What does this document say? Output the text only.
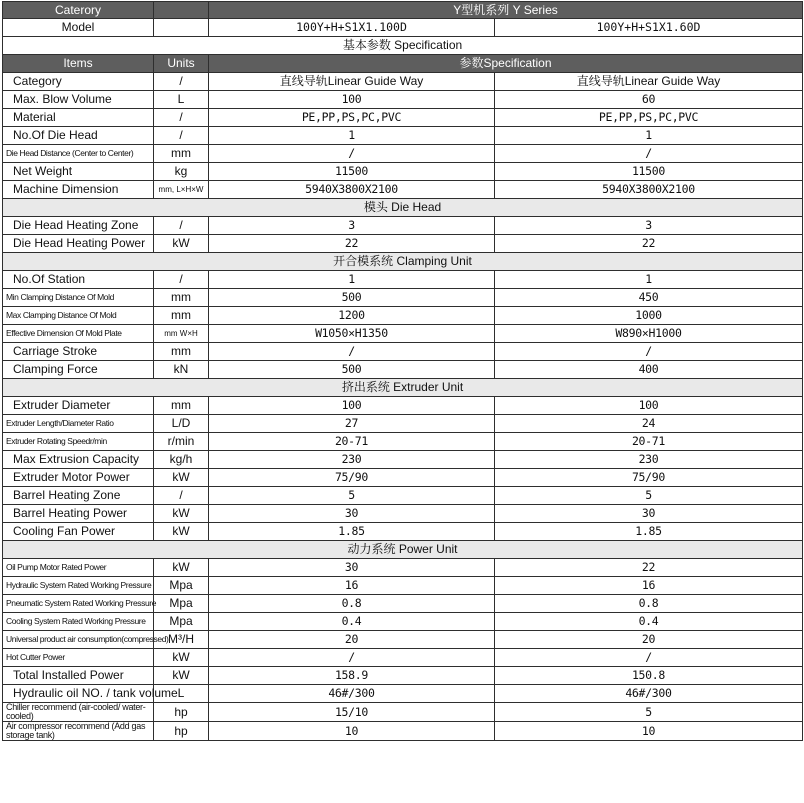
Caterory		Y型机系列 Y Series	
Model		100Y+H+S1X1.100D	100Y+H+S1X1.60D
基本参数 Specification			
Items	Units	参数Specification	
Category	/	直线导轨Linear Guide Way	直线导轨Linear Guide Way
Max. Blow Volume	L	100	60
Material	/	PE,PP,PS,PC,PVC	PE,PP,PS,PC,PVC
No.Of Die Head	/	1	1
Die Head Distance (Center to Center)	mm	/	/
Net Weight	kg	11500	11500
Machine Dimension	mm, L×H×W	5940X3800X2100	5940X3800X2100
模头 Die Head			
Die Head Heating Zone	/	3	3
Die Head Heating Power	kW	22	22
开合模系统 Clamping Unit			
No.Of Station	/	1	1
Min Clamping Distance Of Mold	mm	500	450
Max Clamping Distance Of Mold	mm	1200	1000
Effective Dimension Of Mold Plate	mm W×H	W1050×H1350	W890×H1000
Carriage Stroke	mm	/	/
Clamping Force	kN	500	400
挤出系统 Extruder Unit			
Extruder Diameter	mm	100	100
Extruder Length/Diameter Ratio	L/D	27	24
Extruder Rotating Speedr/min	r/min	20-71	20-71
Max Extrusion Capacity	kg/h	230	230
Extruder Motor Power	kW	75/90	75/90
Barrel Heating Zone	/	5	5
Barrel Heating Power	kW	30	30
Cooling Fan Power	kW	1.85	1.85
动力系统 Power Unit			
Oil Pump Motor Rated Power	kW	30	22
Hydraulic System Rated Working Pressure	Mpa	16	16
Pneumatic System Rated Working Pressure	Mpa	0.8	0.8
Cooling System Rated Working Pressure	Mpa	0.4	0.4
Universal product air consumption(compressed)	M³/H	20	20
Hot Cutter Power	kW	/	/
Total Installed Power	kW	158.9	150.8
Hydraulic oil NO. / tank volume	L	46#/300	46#/300
Chiller recommend (air-cooled/ water-cooled)	hp	15/10	5
Air compressor recommend (Add gas storage tank)	hp	10	10
